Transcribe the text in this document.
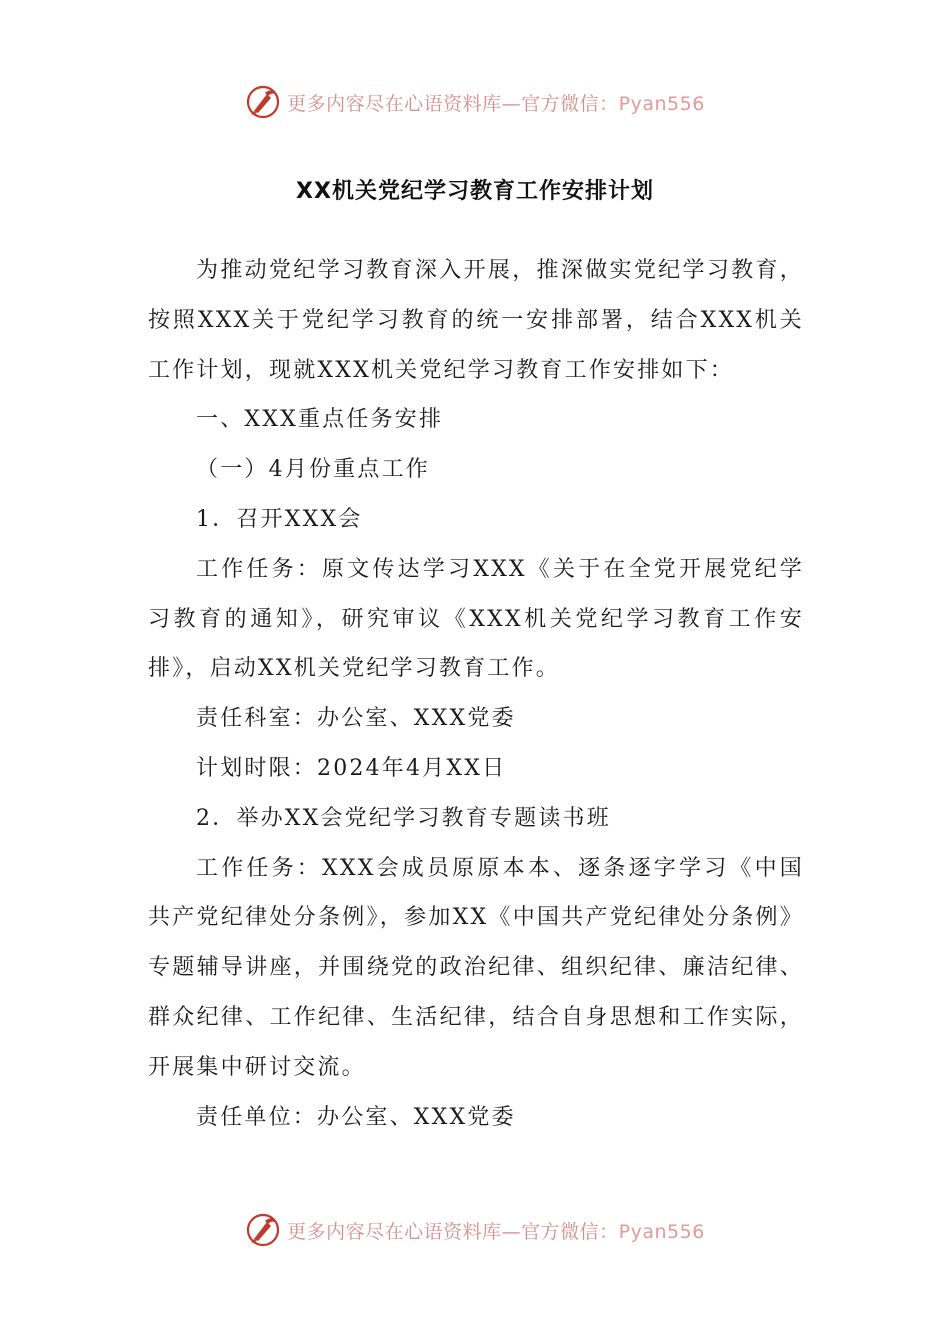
更多内容尽在心语资料库—官方微信：Pyan556
XX机关党纪学习教育工作安排计划

为推动党纪学习教育深入开展，推深做实党纪学习教育，按照XXX关于党纪学习教育的统一安排部署，结合XXX机关工作计划，现就XXX机关党纪学习教育工作安排如下：

一、XXX重点任务安排

（一）4月份重点工作

1．召开XXX会

工作任务：原文传达学习XXX《关于在全党开展党纪学习教育的通知》，研究审议《XXX机关党纪学习教育工作安排》，启动XX机关党纪学习教育工作。

责任科室：办公室、XXX党委

计划时限：2024年4月XX日

2．举办XX会党纪学习教育专题读书班

工作任务：XXX会成员原原本本、逐条逐字学习《中国共产党纪律处分条例》，参加XX《中国共产党纪律处分条例》专题辅导讲座，并围绕党的政治纪律、组织纪律、廉洁纪律、群众纪律、工作纪律、生活纪律，结合自身思想和工作实际，开展集中研讨交流。

责任单位：办公室、XXX党委

更多内容尽在心语资料库—官方微信：Pyan556
